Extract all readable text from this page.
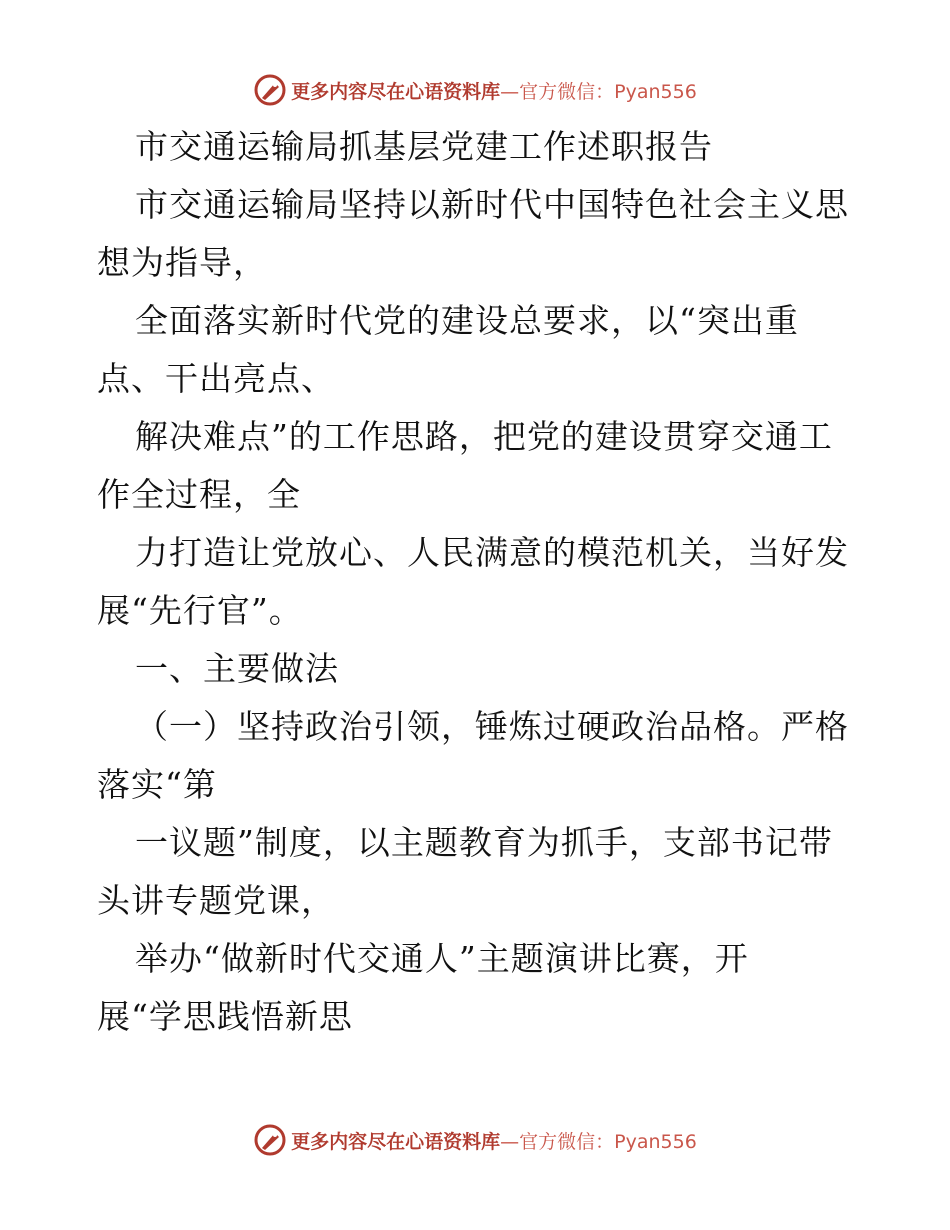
更多内容尽在心语资料库 —官方微信：Pyan556
市交通运输局抓基层党建工作述职报告
市交通运输局坚持以新时代中国特色社会主义思
想为指导，
全面落实新时代党的建设总要求，以“突出重
点、干出亮点、
解决难点”的工作思路，把党的建设贯穿交通工
作全过程，全
力打造让党放心、人民满意的模范机关，当好发
展“先行官”。
一、主要做法
（一）坚持政治引领，锤炼过硬政治品格。严格
落实“第
一议题”制度，以主题教育为抓手，支部书记带
头讲专题党课，
举办“做新时代交通人”主题演讲比赛，开
展“学思践悟新思
更多内容尽在心语资料库 —官方微信：Pyan556
